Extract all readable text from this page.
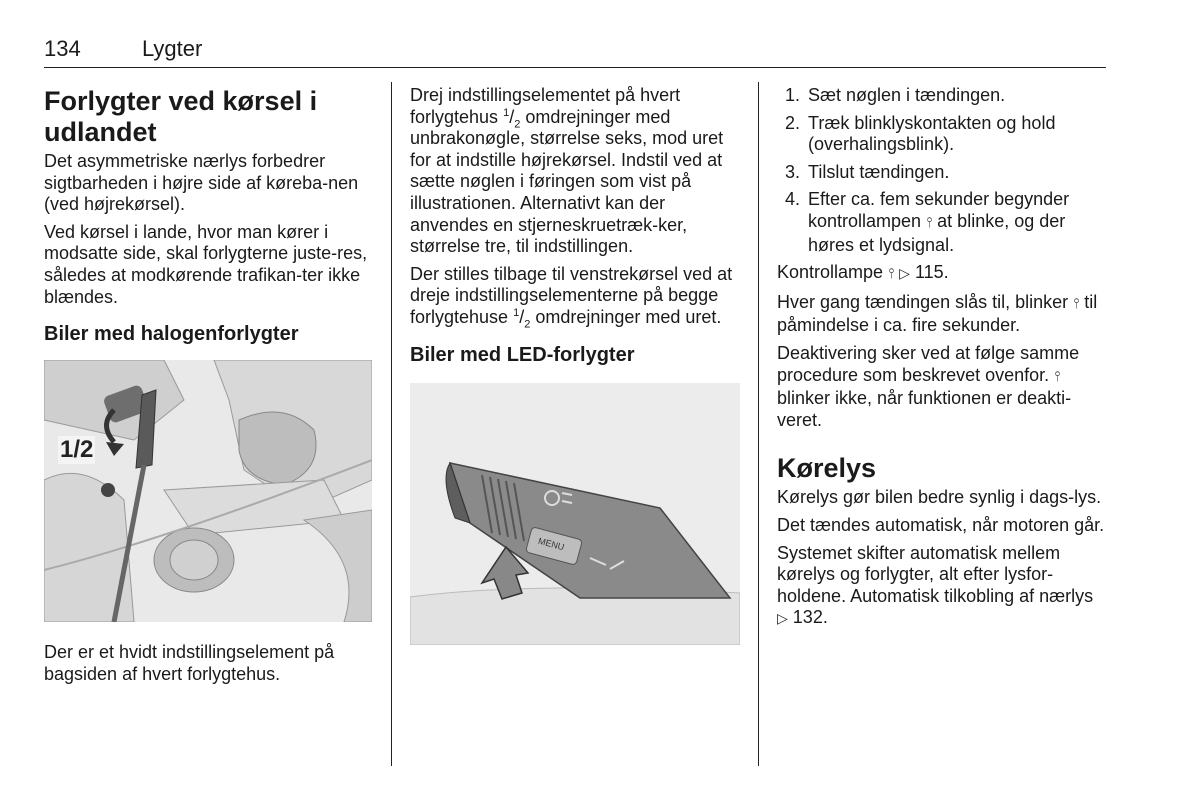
134	Lygter
Forlygter ved kørsel i udlandet

Det asymmetriske nærlys forbedrer sigtbarheden i højre side af køreba-nen (ved højrekørsel).

Ved kørsel i lande, hvor man kører i modsatte side, skal forlygterne juste-res, således at modkørende trafikan-ter ikke blændes.

Biler med halogenforlygter
1/2

Der er et hvidt indstillingselement på bagsiden af hvert forlygtehus.

Drej indstillingselementet på hvert forlygtehus $^1/_2$ omdrejninger med unbrakonøgle, størrelse seks, mod uret for at indstille højrekørsel. Indstil ved at sætte nøglen i føringen som vist på illustrationen. Alternativt kan der anvendes en stjerneskruetræk-ker, størrelse tre, til indstillingen.

Der stilles tilbage til venstrekørsel ved at dreje indstillingselementerne på begge forlygtehuse $^1/_2$ omdrejninger med uret.

Biler med LED-forlygter
MENU
1. Sæt nøglen i tændingen.
2. Træk blinklyskontakten og hold (overhalingsblink).
3. Tilslut tændingen.
4. Efter ca. fem sekunder begynder kontrollampen ⫯ at blinke, og der høres et lydsignal.

Kontrollampe ⫯ ▷ 115.

Hver gang tændingen slås til, blinker ⫯ til påmindelse i ca. fire sekunder.

Deaktivering sker ved at følge samme procedure som beskrevet ovenfor. ⫯ blinker ikke, når funktionen er deakti-veret.

Kørelys

Kørelys gør bilen bedre synlig i dags-lys.

Det tændes automatisk, når motoren går.

Systemet skifter automatisk mellem kørelys og forlygter, alt efter lysfor-holdene. Automatisk tilkobling af nærlys ▷ 132.
